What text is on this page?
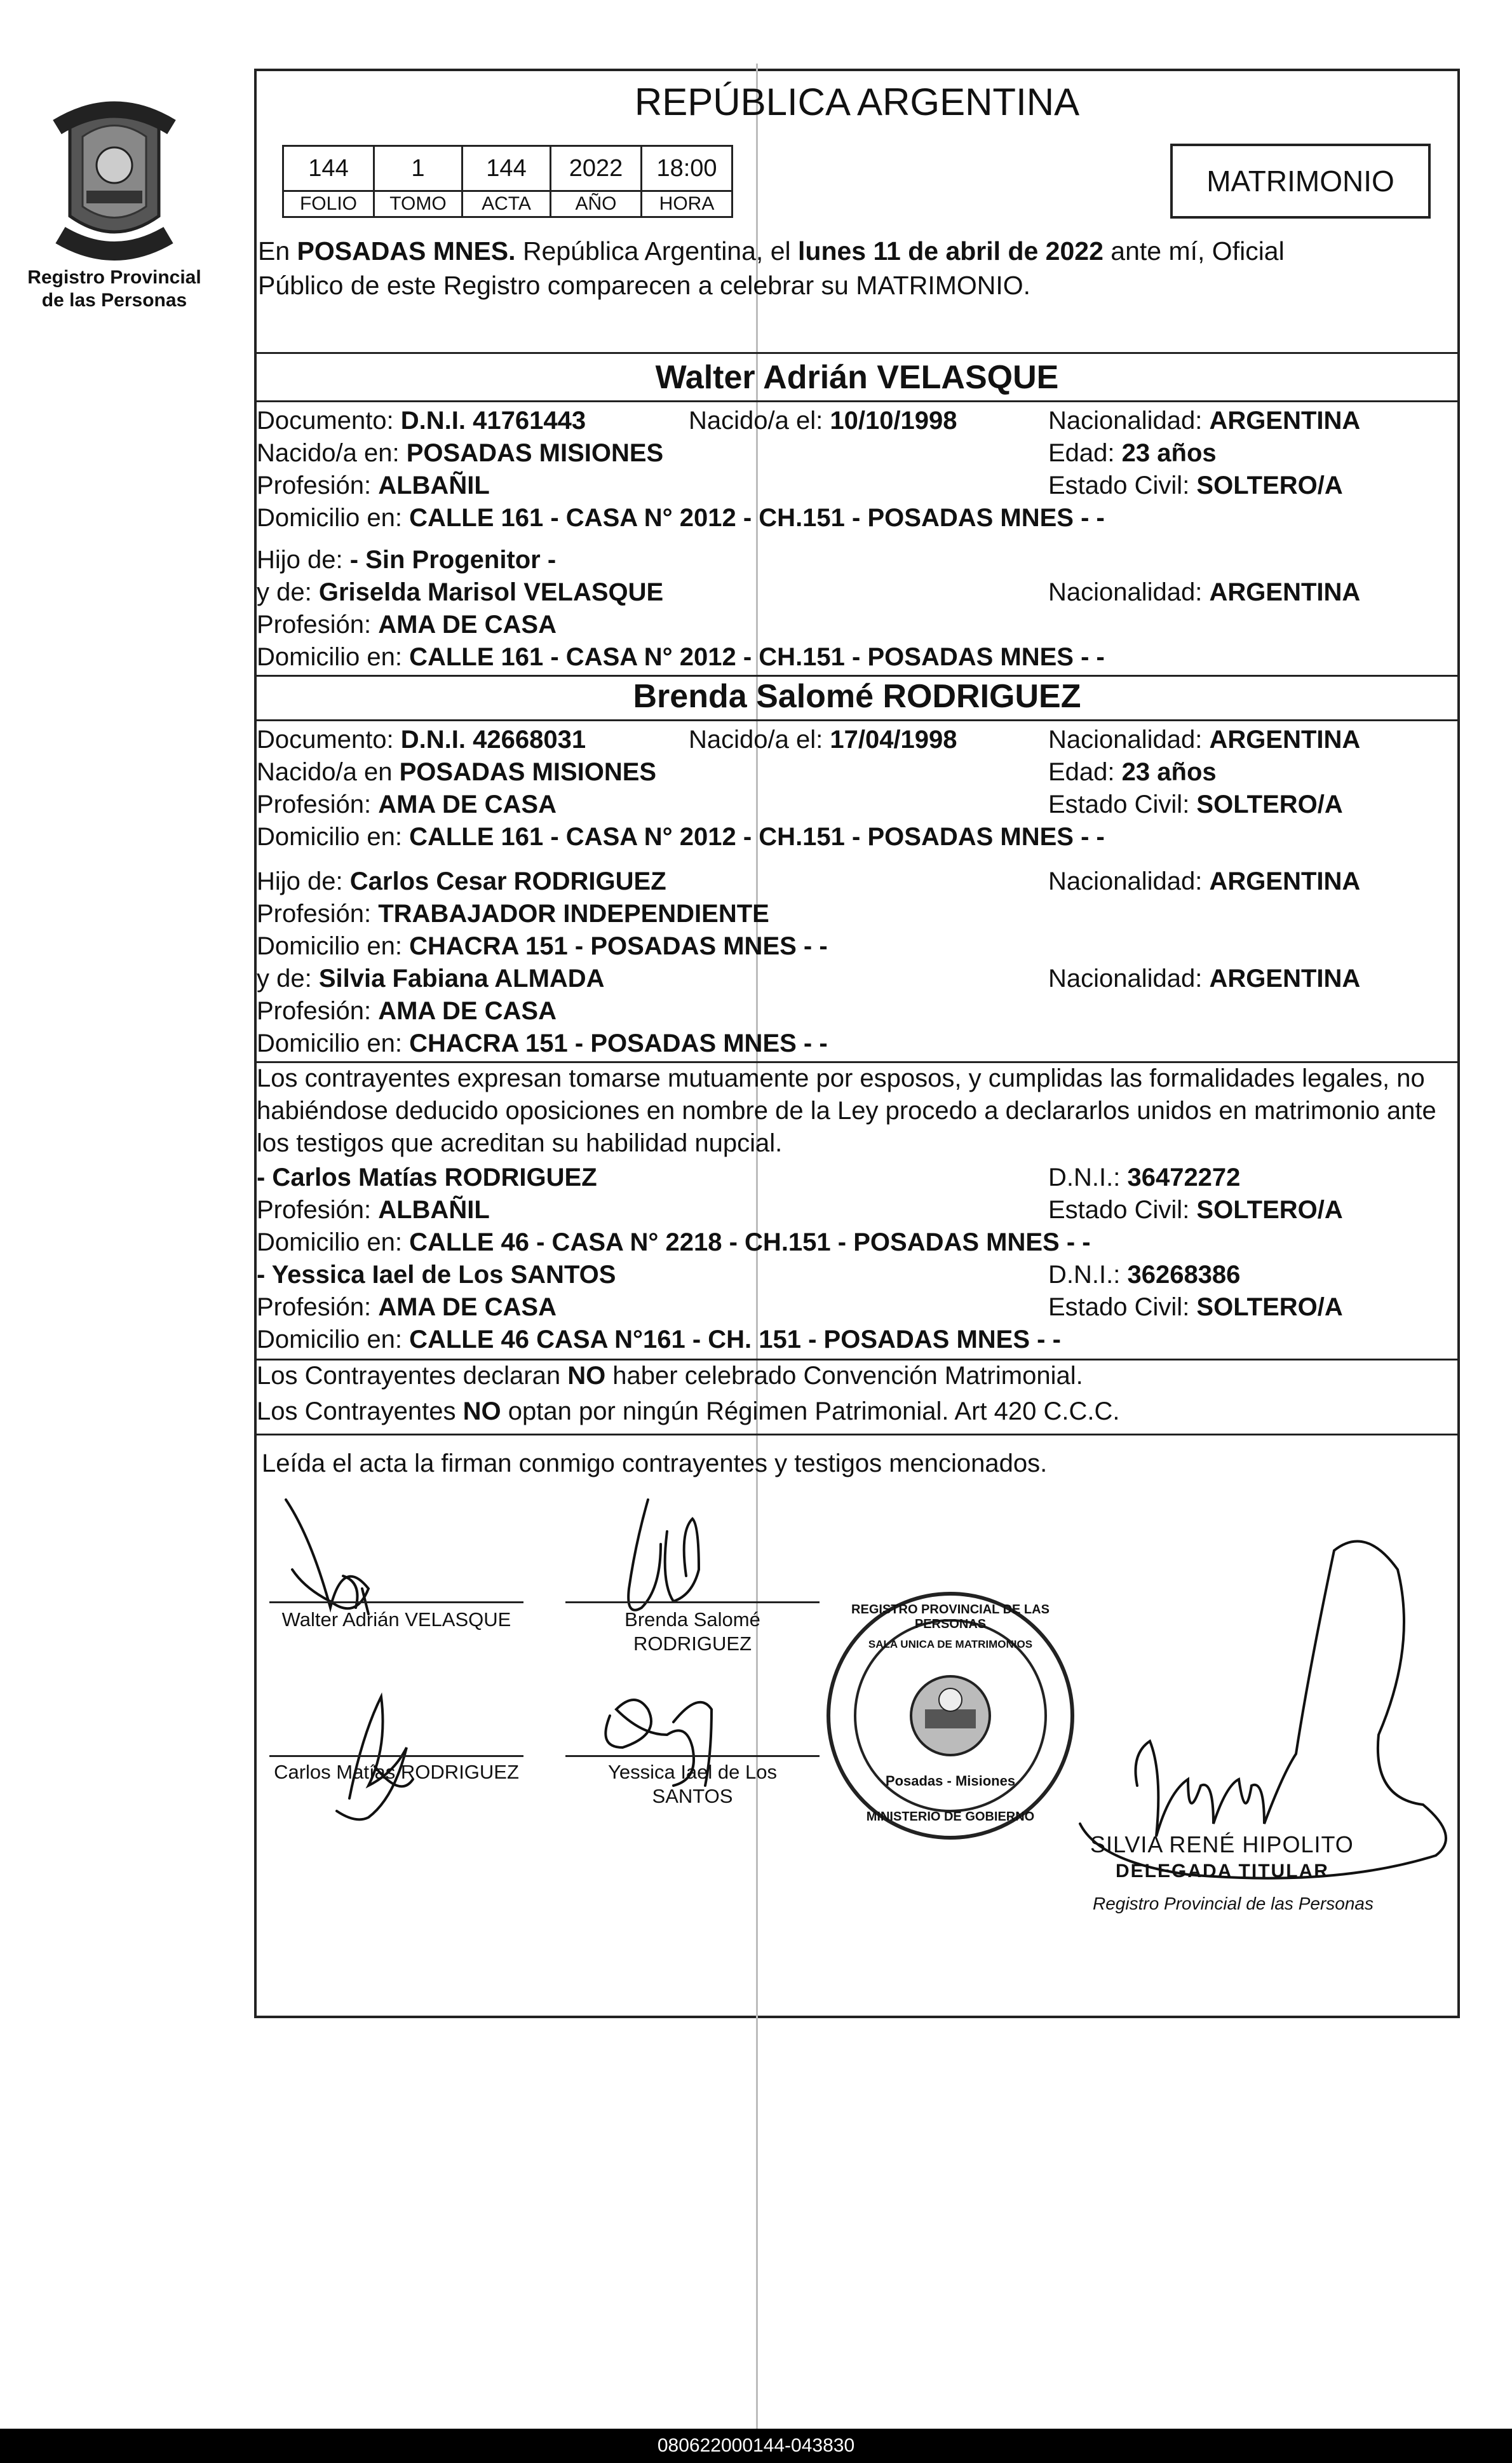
Registro Provincial
de las Personas
REPÚBLICA ARGENTINA
144	1	144	2022	18:00
FOLIO	TOMO	ACTA	AÑO	HORA
MATRIMONIO
En POSADAS MNES. República Argentina, el lunes 11 de abril de 2022 ante mí, Oficial
Público de este Registro comparecen a celebrar su MATRIMONIO.
Walter Adrián VELASQUE
Documento: D.N.I. 41761443	Nacido/a el: 10/10/1998	Nacionalidad: ARGENTINA
Nacido/a en: POSADAS MISIONES	Edad: 23 años
Profesión: ALBAÑIL	Estado Civil: SOLTERO/A
Domicilio en: CALLE 161 - CASA N° 2012 - CH.151 - POSADAS MNES - -
Hijo de: - Sin Progenitor -
y de: Griselda Marisol VELASQUE	Nacionalidad: ARGENTINA
Profesión: AMA DE CASA
Domicilio en: CALLE 161 - CASA N° 2012 - CH.151 - POSADAS MNES - -
Brenda Salomé RODRIGUEZ
Documento: D.N.I. 42668031	Nacido/a el: 17/04/1998	Nacionalidad: ARGENTINA
Nacido/a en POSADAS MISIONES	Edad: 23 años
Profesión: AMA DE CASA	Estado Civil: SOLTERO/A
Domicilio en: CALLE 161 - CASA N° 2012 - CH.151 - POSADAS MNES - -
Hijo de: Carlos Cesar RODRIGUEZ	Nacionalidad: ARGENTINA
Profesión: TRABAJADOR INDEPENDIENTE
Domicilio en: CHACRA 151 - POSADAS MNES - -
y de: Silvia Fabiana ALMADA	Nacionalidad: ARGENTINA
Profesión: AMA DE CASA
Domicilio en: CHACRA 151 - POSADAS MNES - -
Los contrayentes expresan tomarse mutuamente por esposos, y cumplidas las formalidades legales, no
habiéndose deducido oposiciones en nombre de la Ley procedo a declararlos unidos en matrimonio ante
los testigos que acreditan su habilidad nupcial.
- Carlos Matías RODRIGUEZ	D.N.I.: 36472272
Profesión: ALBAÑIL	Estado Civil: SOLTERO/A
Domicilio en: CALLE 46 - CASA N° 2218 - CH.151 - POSADAS MNES - -
- Yessica Iael de Los SANTOS	D.N.I.: 36268386
Profesión: AMA DE CASA	Estado Civil: SOLTERO/A
Domicilio en: CALLE 46 CASA N°161 - CH. 151 - POSADAS MNES - -
Los Contrayentes declaran NO haber celebrado Convención Matrimonial.
Los Contrayentes NO optan por ningún Régimen Patrimonial. Art 420 C.C.C.
Leída el acta la firman conmigo contrayentes y testigos mencionados.
Walter Adrián VELASQUE	Brenda Salomé
RODRIGUEZ
Carlos Matías RODRIGUEZ	Yessica Iael de Los
SANTOS
REGISTRO PROVINCIAL DE LAS PERSONAS
SALA UNICA DE MATRIMONIOS
Posadas - Misiones
MINISTERIO DE GOBIERNO
SILVIA RENÉ HIPOLITO
DELEGADA TITULAR
Registro Provincial de las Personas
080622000144-043830
